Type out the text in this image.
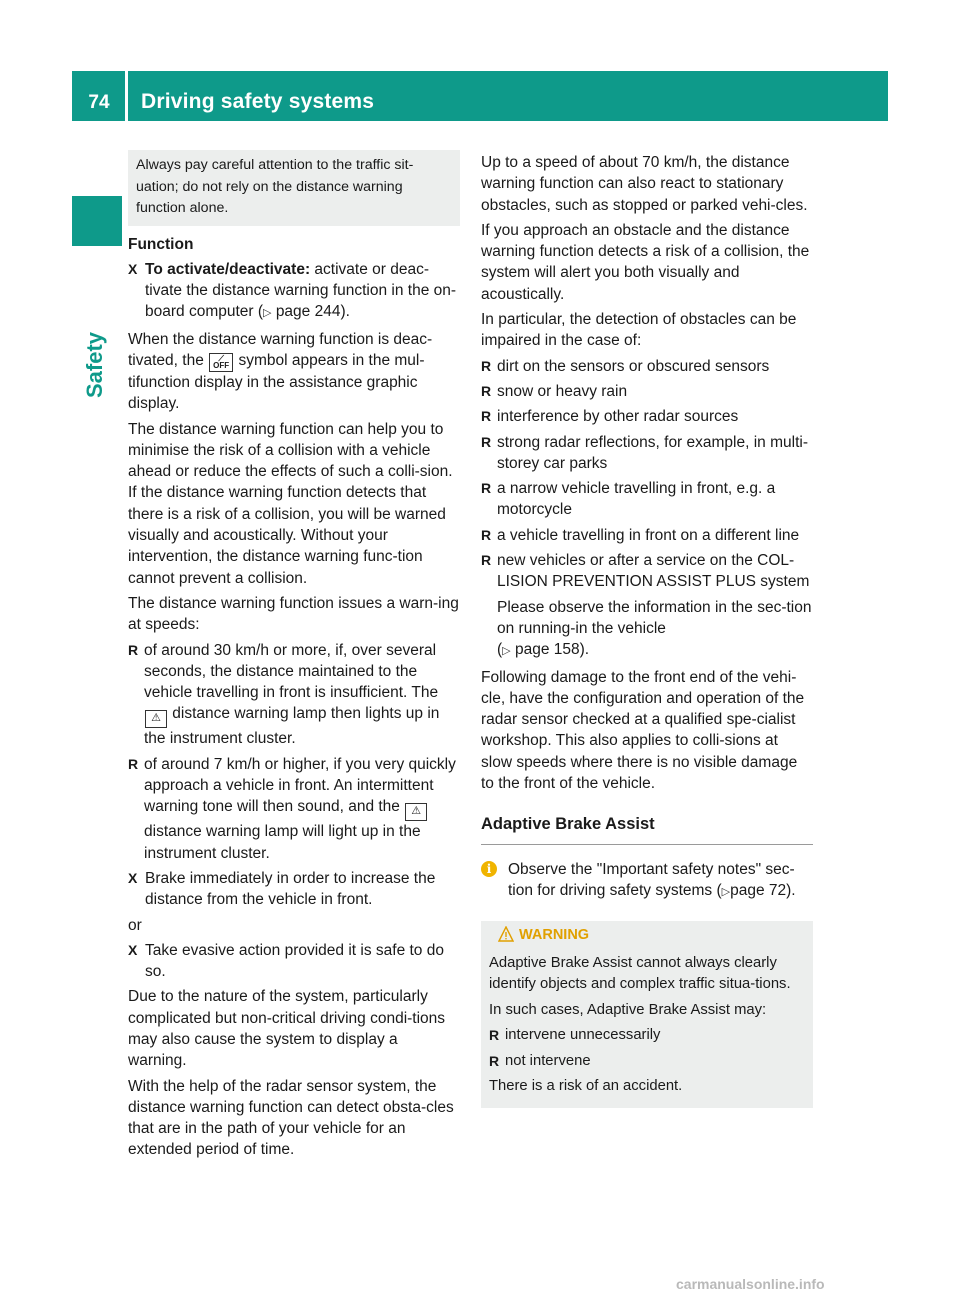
74	Driving safety systems
Safety
Always pay careful attention to the traffic sit-uation; do not rely on the distance warning function alone.

Function

X To activate/deactivate: activate or deac-tivate the distance warning function in the on-board computer (▷ page 244).

When the distance warning function is deac-tivated, the ⟋
OFF symbol appears in the mul-tifunction display in the assistance graphic display.

The distance warning function can help you to minimise the risk of a collision with a vehicle ahead or reduce the effects of such a colli-sion. If the distance warning function detects that there is a risk of a collision, you will be warned visually and acoustically. Without your intervention, the distance warning func-tion cannot prevent a collision.

The distance warning function issues a warn-ing at speeds:

R of around 30 km/h or more, if, over several seconds, the distance maintained to the vehicle travelling in front is insufficient. The ⚠ distance warning lamp then lights up in the instrument cluster.
R of around 7 km/h or higher, if you very quickly approach a vehicle in front. An intermittent warning tone will then sound, and the ⚠ distance warning lamp will light up in the instrument cluster.
X Brake immediately in order to increase the distance from the vehicle in front.

or

X Take evasive action provided it is safe to do so.

Due to the nature of the system, particularly complicated but non-critical driving condi-tions may also cause the system to display a warning.

With the help of the radar sensor system, the distance warning function can detect obsta-cles that are in the path of your vehicle for an extended period of time.

Up to a speed of about 70 km/h, the distance warning function can also react to stationary obstacles, such as stopped or parked vehi-cles.

If you approach an obstacle and the distance warning function detects a risk of a collision, the system will alert you both visually and acoustically.

In particular, the detection of obstacles can be impaired in the case of:

R dirt on the sensors or obscured sensors
R snow or heavy rain
R interference by other radar sources
R strong radar reflections, for example, in multi-storey car parks
R a narrow vehicle travelling in front, e.g. a motorcycle
R a vehicle travelling in front on a different line
R new vehicles or after a service on the COL-LISION PREVENTION ASSIST PLUS system
Please observe the information in the sec-tion on running-in the vehicle
(▷ page 158).

Following damage to the front end of the vehi-cle, have the configuration and operation of the radar sensor checked at a qualified spe-cialist workshop. This also applies to colli-sions at slow speeds where there is no visible damage to the front of the vehicle.

Adaptive Brake Assist
i	Observe the "Important safety notes" sec-tion for driving safety systems (▷page 72).
WARNING

Adaptive Brake Assist cannot always clearly identify objects and complex traffic situa-tions.

In such cases, Adaptive Brake Assist may:

R intervene unnecessarily
R not intervene

There is a risk of an accident.

carmanualsonline.info
